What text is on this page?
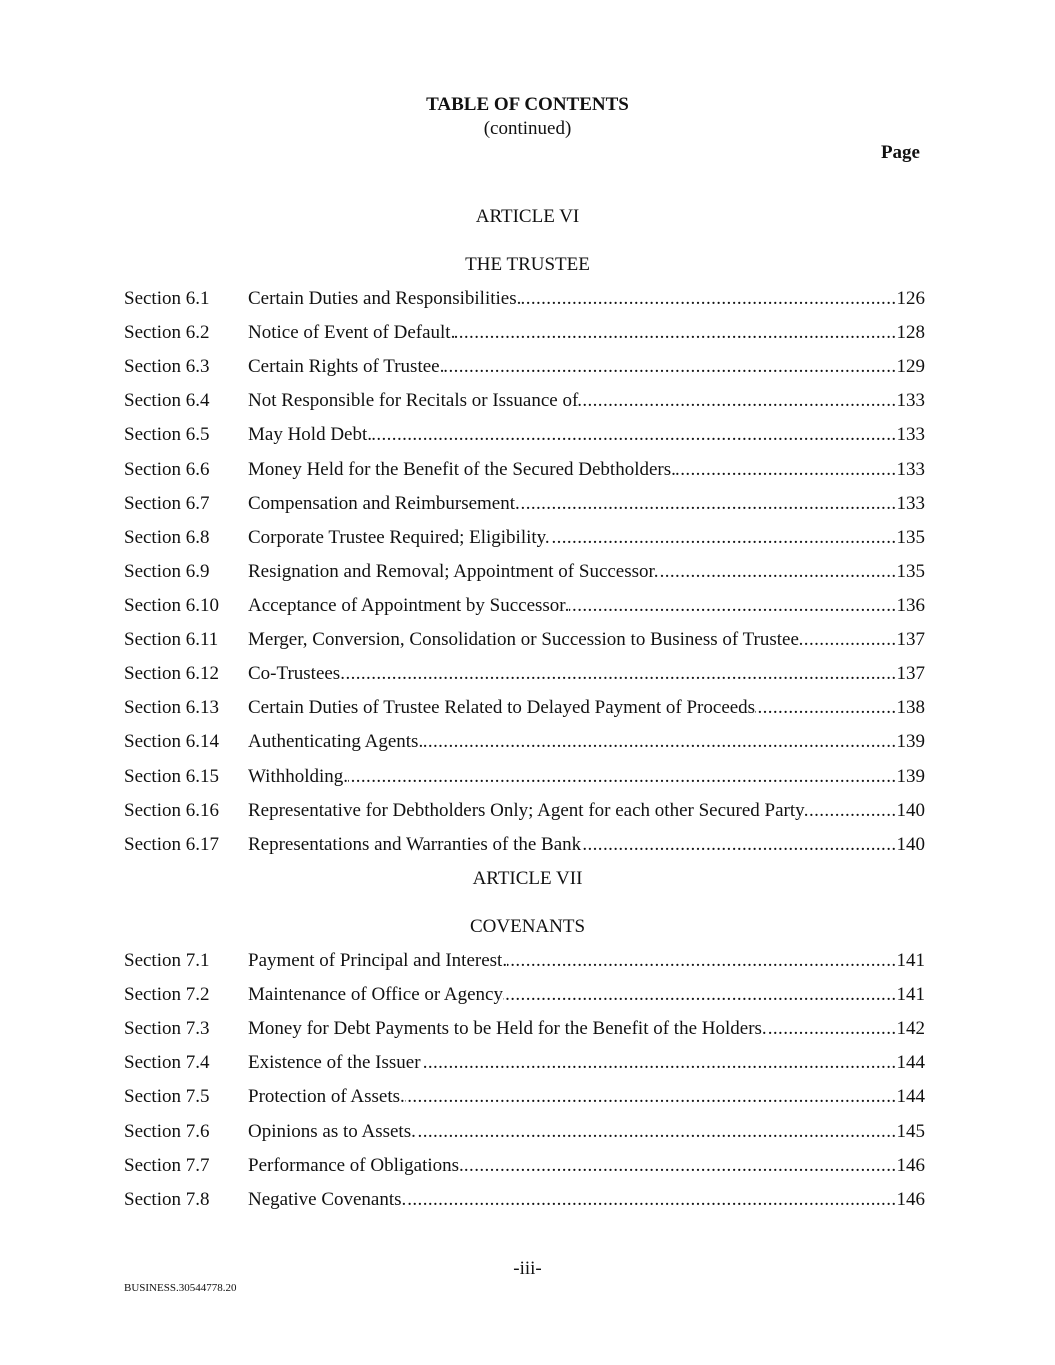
TABLE OF CONTENTS
(continued)
Page
ARTICLE VI
THE TRUSTEE
Section 6.1	Certain Duties and Responsibilities. .....	126
Section 6.2	Notice of Event of Default. .....	128
Section 6.3	Certain Rights of Trustee. .....	129
Section 6.4	Not Responsible for Recitals or Issuance of .....	133
Section 6.5	May Hold Debt. .....	133
Section 6.6	Money Held for the Benefit of the Secured Debtholders. .....	133
Section 6.7	Compensation and Reimbursement. .....	133
Section 6.8	Corporate Trustee Required; Eligibility. .....	135
Section 6.9	Resignation and Removal; Appointment of Successor. .....	135
Section 6.10	Acceptance of Appointment by Successor. .....	136
Section 6.11	Merger, Conversion, Consolidation or Succession to Business of Trustee .....	137
Section 6.12	Co-Trustees .....	137
Section 6.13	Certain Duties of Trustee Related to Delayed Payment of Proceeds .....	138
Section 6.14	Authenticating Agents. .....	139
Section 6.15	Withholding. .....	139
Section 6.16	Representative for Debtholders Only; Agent for each other Secured Party .....	140
Section 6.17	Representations and Warranties of the Bank .....	140
ARTICLE VII
COVENANTS
Section 7.1	Payment of Principal and Interest. .....	141
Section 7.2	Maintenance of Office or Agency .....	141
Section 7.3	Money for Debt Payments to be Held for the Benefit of the Holders. .....	142
Section 7.4	Existence of the Issuer .....	144
Section 7.5	Protection of Assets. .....	144
Section 7.6	Opinions as to Assets. .....	145
Section 7.7	Performance of Obligations. .....	146
Section 7.8	Negative Covenants. .....	146
-iii-
BUSINESS.30544778.20
